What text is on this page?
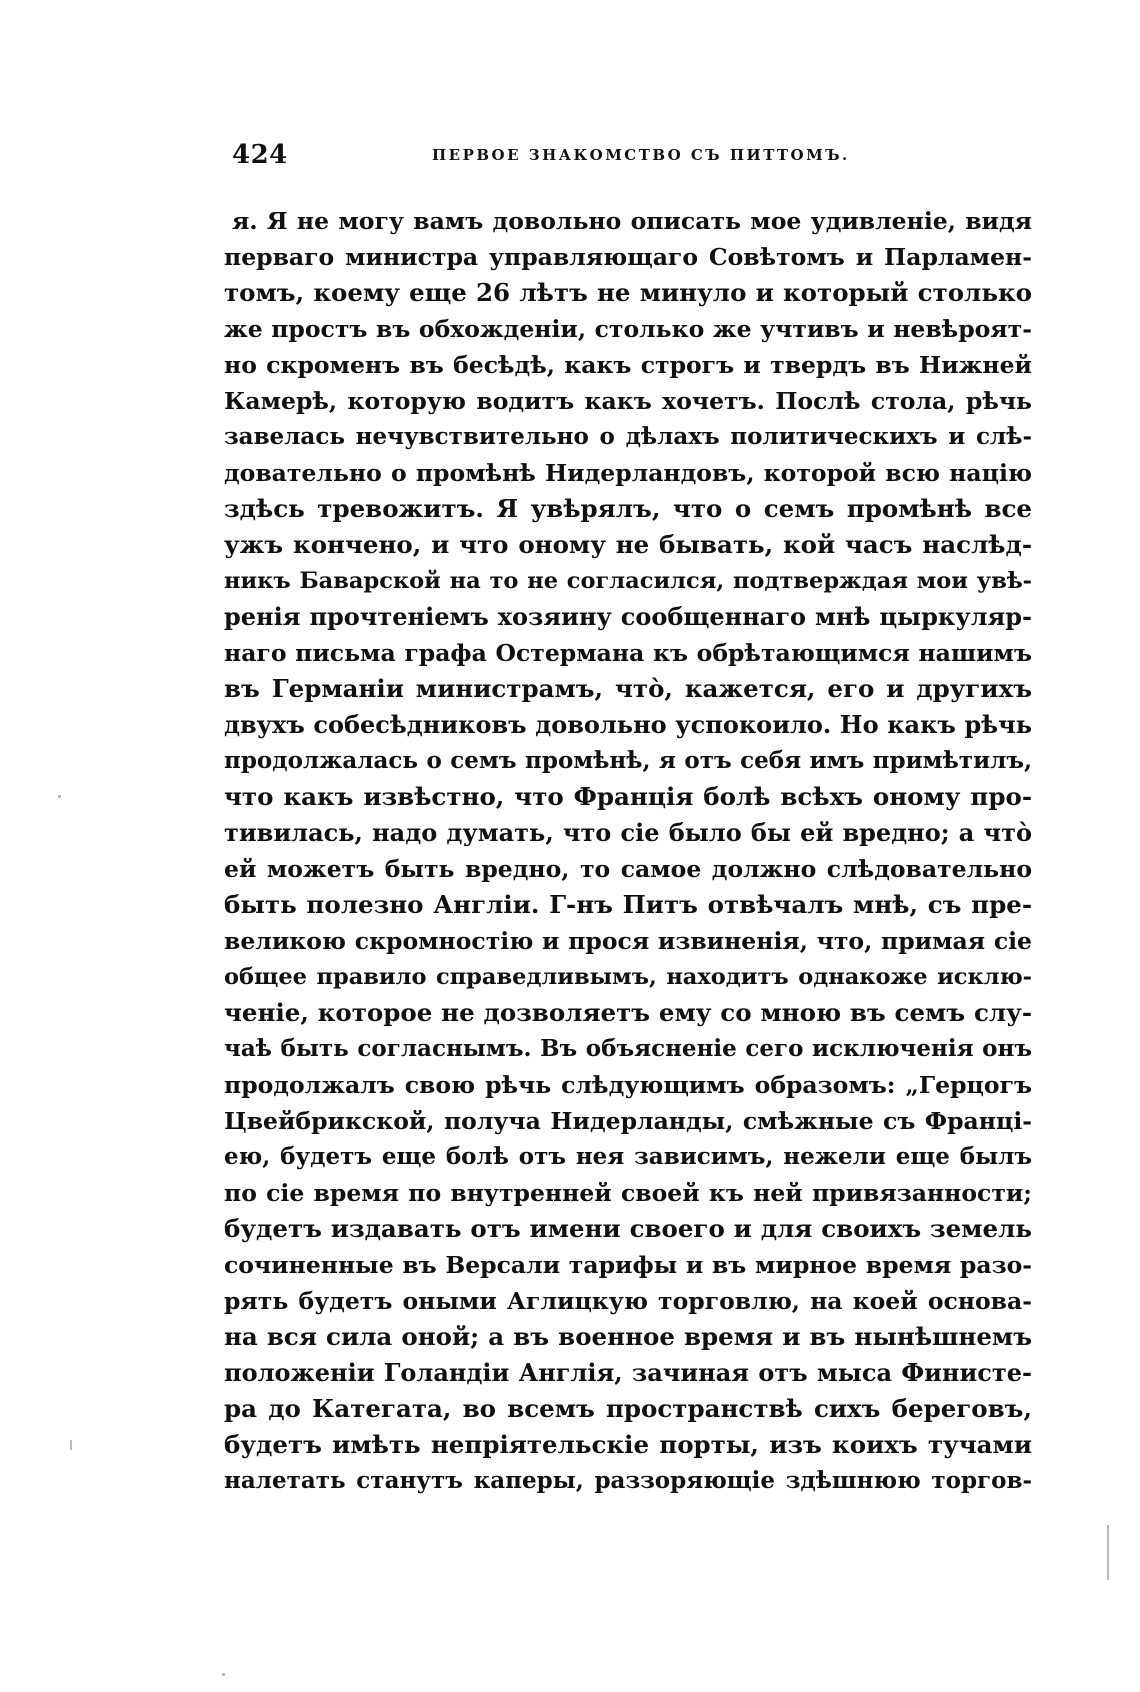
424	ПЕРВОЕ ЗНАКОМСТВО СЪ ПИТТОМЪ.
я. Я не могу вамъ довольно описать мое удивленіе, видя
перваго министра управляющаго Совѣтомъ и Парламен-
томъ, коему еще 26 лѣтъ не минуло и который столько
же простъ въ обхожденіи, столько же учтивъ и невѣроят-
но скроменъ въ бесѣдѣ, какъ строгъ и твердъ въ Нижней
Камерѣ, которую водитъ какъ хочетъ. Послѣ стола, рѣчь
завелась нечувствительно о дѣлахъ политическихъ и слѣ-
довательно о промѣнѣ Нидерландовъ, которой всю націю
здѣсь тревожитъ. Я увѣрялъ, что о семъ промѣнѣ все
ужъ кончено, и что оному не бывать, кой часъ наслѣд-
никъ Баварской на то не согласился, подтверждая мои увѣ-
ренія прочтеніемъ хозяину сообщеннаго мнѣ цыркуляр-
наго письма графа Остермана къ обрѣтающимся нашимъ
въ Германіи министрамъ, что̀, кажется, его и другихъ
двухъ собесѣдниковъ довольно успокоило. Но какъ рѣчь
продолжалась о семъ промѣнѣ, я отъ себя имъ примѣтилъ,
что какъ извѣстно, что Франція болѣ всѣхъ оному про-
тивилась, надо думать, что сіе было бы ей вредно; а что̀
ей можетъ быть вредно, то самое должно слѣдовательно
быть полезно Англіи. Г-нъ Питъ отвѣчалъ мнѣ, съ пре-
великою скромностію и прося извиненія, что, примая сіе
общее правило справедливымъ, находитъ однакоже исклю-
ченіе, которое не дозволяетъ ему со мною въ семъ слу-
чаѣ быть согласнымъ. Въ объясненіе сего исключенія онъ
продолжалъ свою рѣчь слѣдующимъ образомъ: „Герцогъ
Цвейбрикской, получа Нидерланды, смѣжные съ Франці-
ею, будетъ еще болѣ отъ нея зависимъ, нежели еще былъ
по сіе время по внутренней своей къ ней привязанности;
будетъ издавать отъ имени своего и для своихъ земель
сочиненные въ Версали тарифы и въ мирное время разо-
рять будетъ оными Аглицкую торговлю, на коей основа-
на вся сила оной; а въ военное время и въ нынѣшнемъ
положеніи Голандіи Англія, зачиная отъ мыса Финисте-
ра до Категата, во всемъ пространствѣ сихъ береговъ,
будетъ имѣть непріятельскіе порты, изъ коихъ тучами
налетать станутъ каперы, раззоряющіе здѣшнюю торгов-
